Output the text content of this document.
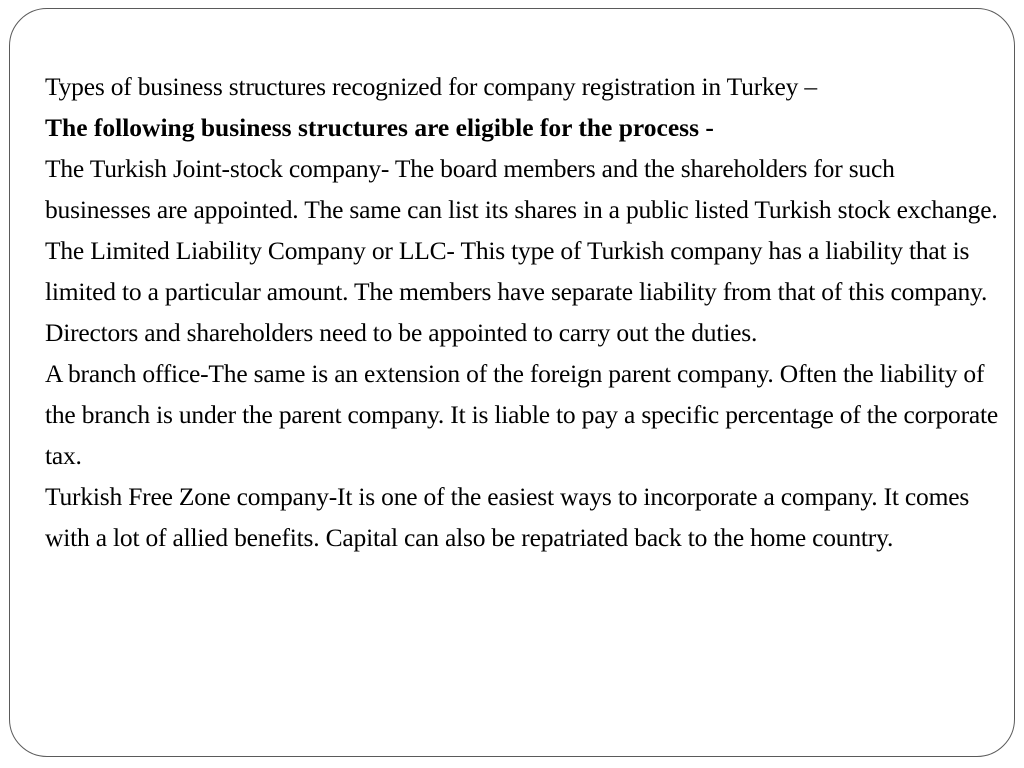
Types of business structures recognized for company registration in Turkey –

The following business structures are eligible for the process -

The Turkish Joint-stock company- The board members and the shareholders for such businesses are appointed. The same can list its shares in a public listed Turkish stock exchange.

The Limited Liability Company or LLC- This type of Turkish company has a liability that is limited to a particular amount. The members have separate liability from that of this company.

Directors and shareholders need to be appointed to carry out the duties.

A branch office-The same is an extension of the foreign parent company. Often the liability of the branch is under the parent company. It is liable to pay a specific percentage of the corporate tax.

Turkish Free Zone company-It is one of the easiest ways to incorporate a company. It comes with a lot of allied benefits. Capital can also be repatriated back to the home country.
